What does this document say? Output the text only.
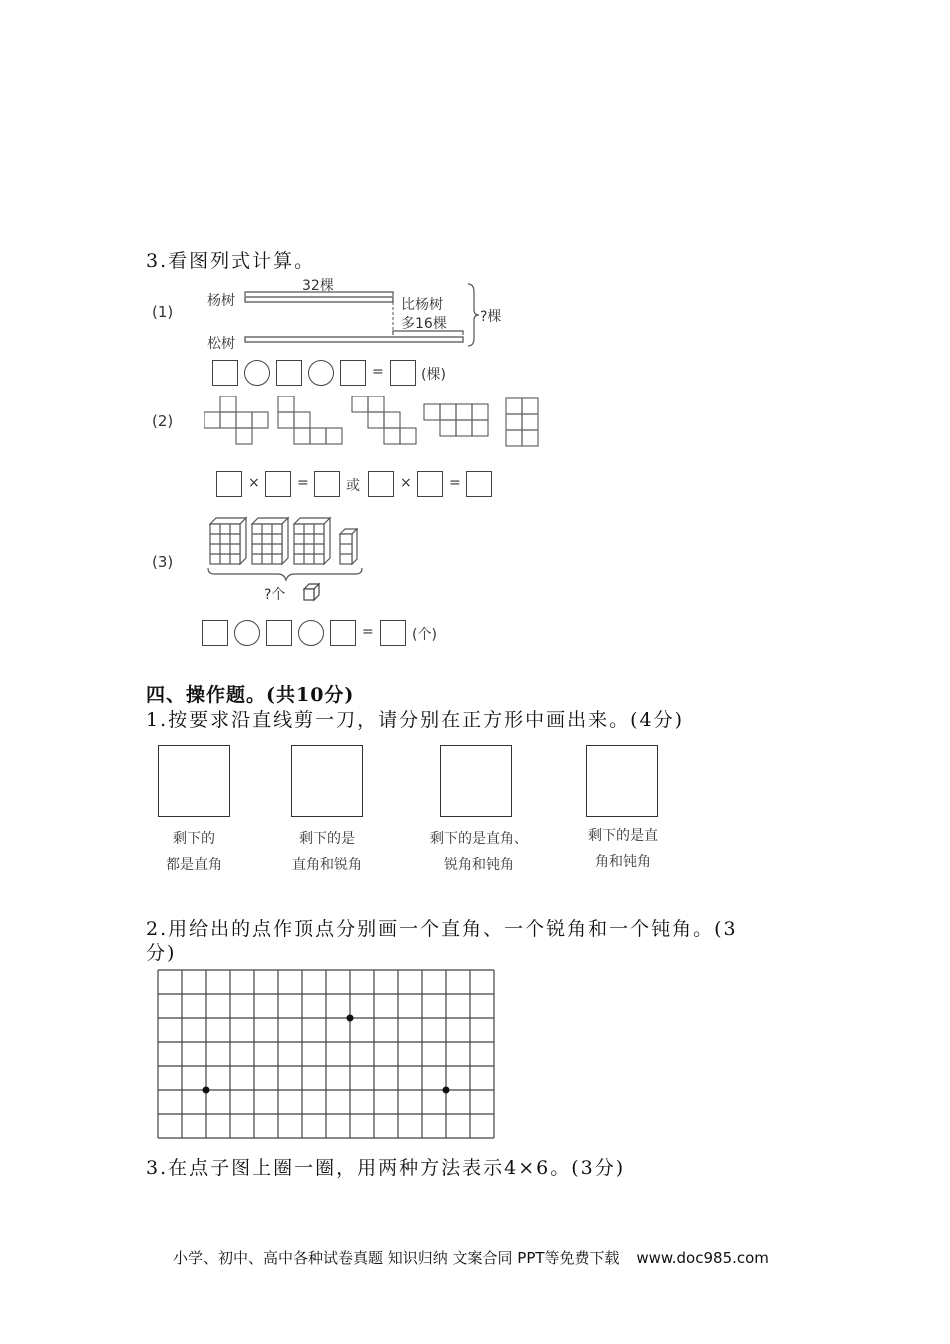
3.看图列式计算。
(1)
杨树
松树
32棵
比杨树
多16棵 ?棵
=	(棵)
(2)
×	=	或	×	=
(3)
?个
=	(个)
四、操作题。(共10分)
1.按要求沿直线剪一刀，请分别在正方形中画出来。(4分)
剩下的
都是直角
剩下的是
直角和锐角
剩下的是直角、
锐角和钝角
剩下的是直
角和钝角
2.用给出的点作顶点分别画一个直角、一个锐角和一个钝角。(3
分)
3.在点子图上圈一圈，用两种方法表示4×6。(3分)
小学、初中、高中各种试卷真题 知识归纳 文案合同 PPT等免费下载 www.doc985.com
